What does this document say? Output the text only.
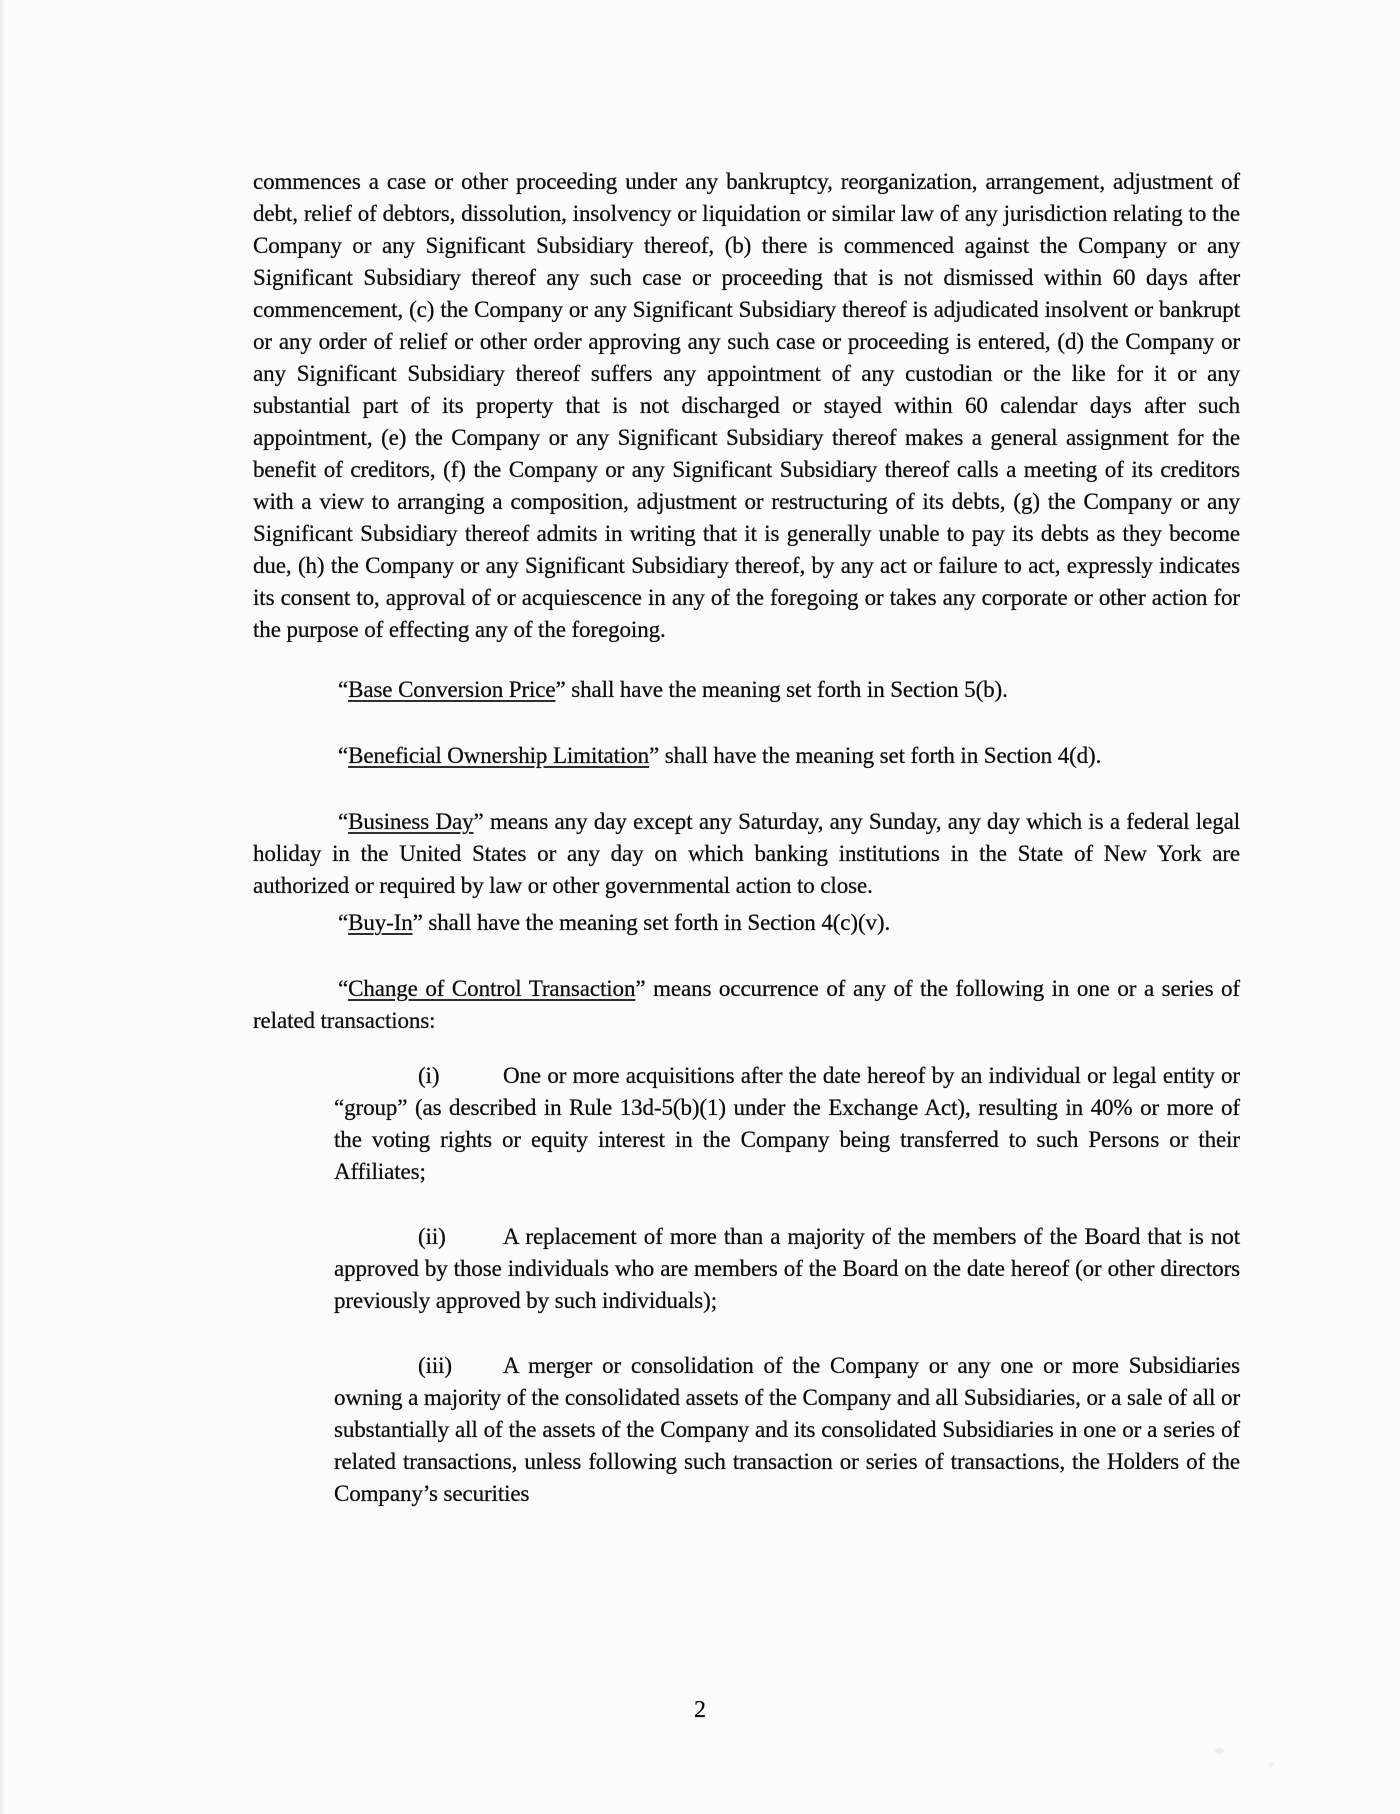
commences a case or other proceeding under any bankruptcy, reorganization, arrangement, adjustment of debt, relief of debtors, dissolution, insolvency or liquidation or similar law of any jurisdiction relating to the Company or any Significant Subsidiary thereof, (b) there is commenced against the Company or any Significant Subsidiary thereof any such case or proceeding that is not dismissed within 60 days after commencement, (c) the Company or any Significant Subsidiary thereof is adjudicated insolvent or bankrupt or any order of relief or other order approving any such case or proceeding is entered, (d) the Company or any Significant Subsidiary thereof suffers any appointment of any custodian or the like for it or any substantial part of its property that is not discharged or stayed within 60 calendar days after such appointment, (e) the Company or any Significant Subsidiary thereof makes a general assignment for the benefit of creditors, (f) the Company or any Significant Subsidiary thereof calls a meeting of its creditors with a view to arranging a composition, adjustment or restructuring of its debts, (g) the Company or any Significant Subsidiary thereof admits in writing that it is generally unable to pay its debts as they become due, (h) the Company or any Significant Subsidiary thereof, by any act or failure to act, expressly indicates its consent to, approval of or acquiescence in any of the foregoing or takes any corporate or other action for the purpose of effecting any of the foregoing.

“Base Conversion Price” shall have the meaning set forth in Section 5(b).

“Beneficial Ownership Limitation” shall have the meaning set forth in Section 4(d).

“Business Day” means any day except any Saturday, any Sunday, any day which is a federal legal holiday in the United States or any day on which banking institutions in the State of New York are authorized or required by law or other governmental action to close.

“Buy-In” shall have the meaning set forth in Section 4(c)(v).

“Change of Control Transaction” means occurrence of any of the following in one or a series of related transactions:

(i)	One or more acquisitions after the date hereof by an individual or legal entity or “group” (as described in Rule 13d-5(b)(1) under the Exchange Act), resulting in 40% or more of the voting rights or equity interest in the Company being transferred to such Persons or their Affiliates;

(ii) A replacement of more than a majority of the members of the Board that is not approved by those individuals who are members of the Board on the date hereof (or other directors previously approved by such individuals);

(iii) A merger or consolidation of the Company or any one or more Subsidiaries owning a majority of the consolidated assets of the Company and all Subsidiaries, or a sale of all or substantially all of the assets of the Company and its consolidated Subsidiaries in one or a series of related transactions, unless following such transaction or series of transactions, the Holders of the Company’s securities

2
